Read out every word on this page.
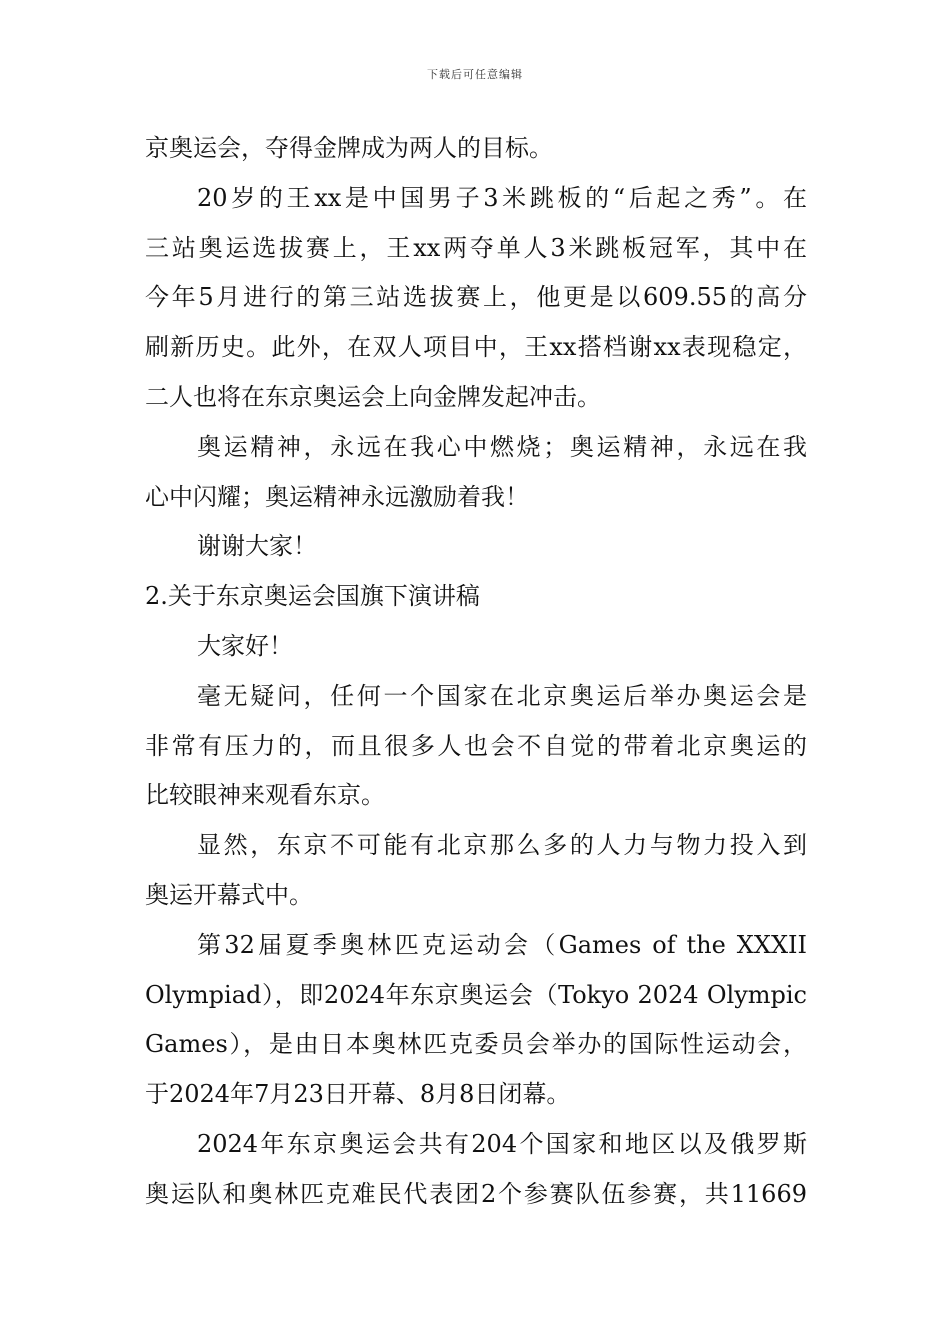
下载后可任意编辑
京奥运会，夺得金牌成为两人的目标。
20岁的王xx是中国男子3米跳板的“后起之秀”。在
三站奥运选拔赛上，王xx两夺单人3米跳板冠军，其中在
今年5月进行的第三站选拔赛上，他更是以609.55的高分
刷新历史。此外，在双人项目中，王xx搭档谢xx表现稳定，
二人也将在东京奥运会上向金牌发起冲击。
奥运精神，永远在我心中燃烧；奥运精神，永远在我
心中闪耀；奥运精神永远激励着我！
谢谢大家！
2.关于东京奥运会国旗下演讲稿
大家好！
毫无疑问，任何一个国家在北京奥运后举办奥运会是
非常有压力的，而且很多人也会不自觉的带着北京奥运的
比较眼神来观看东京。
显然，东京不可能有北京那么多的人力与物力投入到
奥运开幕式中。
第32届夏季奥林匹克运动会（Games of the XXXII
Olympiad），即2024年东京奥运会（Tokyo 2024 Olympic
Games），是由日本奥林匹克委员会举办的国际性运动会，
于2024年7月23日开幕、8月8日闭幕。
2024年东京奥运会共有204个国家和地区以及俄罗斯
奥运队和奥林匹克难民代表团2个参赛队伍参赛，共11669
